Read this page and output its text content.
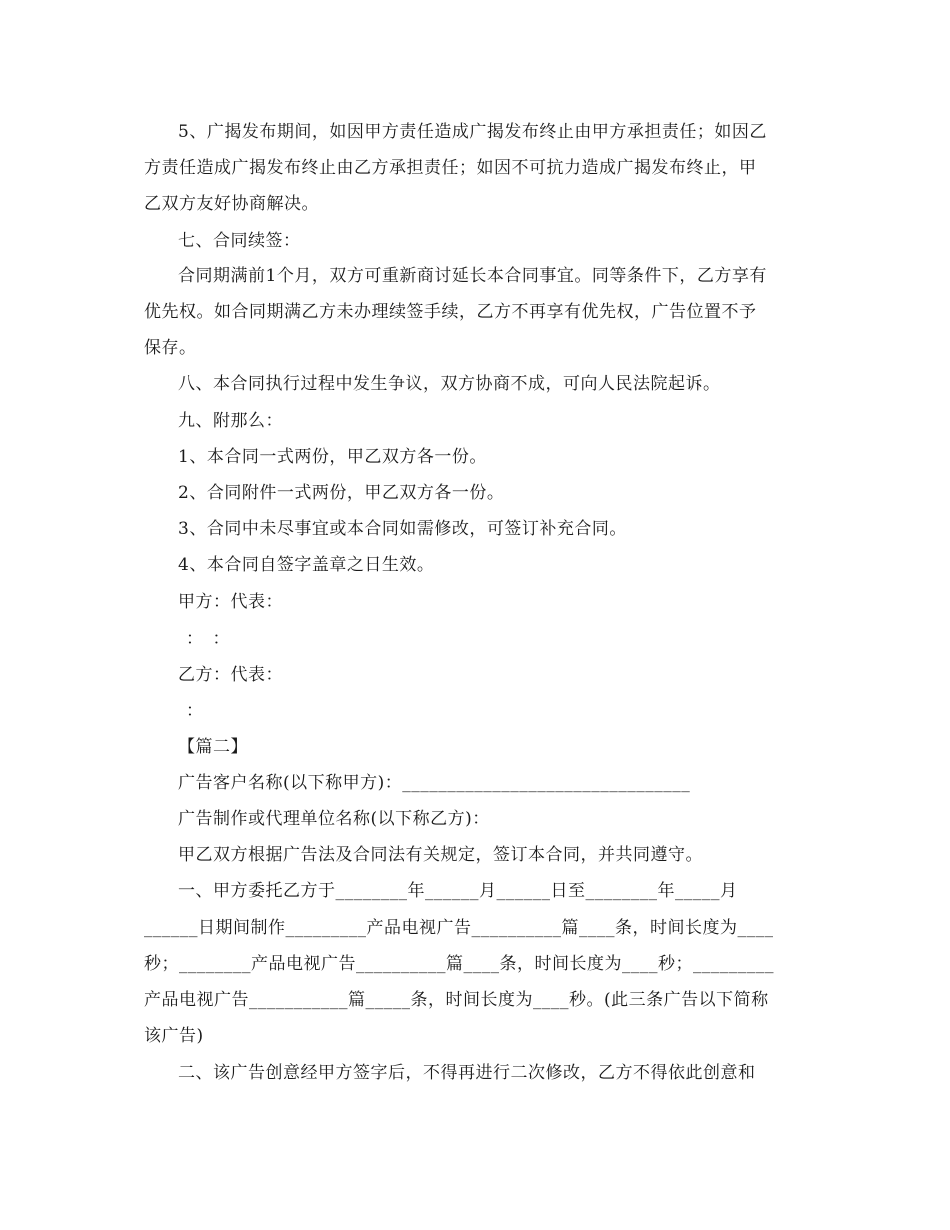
5、广揭发布期间，如因甲方责任造成广揭发布终止由甲方承担责任；如因乙
方责任造成广揭发布终止由乙方承担责任；如因不可抗力造成广揭发布终止，甲
乙双方友好协商解决。
七、合同续签：
合同期满前1个月，双方可重新商讨延长本合同事宜。同等条件下，乙方享有
优先权。如合同期满乙方未办理续签手续，乙方不再享有优先权，广告位置不予
保存。
八、本合同执行过程中发生争议，双方协商不成，可向人民法院起诉。
九、附那么：
1、本合同一式两份，甲乙双方各一份。
2、合同附件一式两份，甲乙双方各一份。
3、合同中未尽事宜或本合同如需修改，可签订补充合同。
4、本合同自签字盖章之日生效。
甲方：代表：
：　：
乙方：代表：
：
【篇二】
广告客户名称(以下称甲方)：________________________________
广告制作或代理单位名称(以下称乙方)：
甲乙双方根据广告法及合同法有关规定，签订本合同，并共同遵守。
一、甲方委托乙方于________年______月______日至________年_____月
______日期间制作_________产品电视广告__________篇____条，时间长度为____
秒；________产品电视广告__________篇____条，时间长度为____秒；_________
产品电视广告___________篇_____条，时间长度为____秒。(此三条广告以下简称
该广告)
二、该广告创意经甲方签字后，不得再进行二次修改，乙方不得依此创意和
